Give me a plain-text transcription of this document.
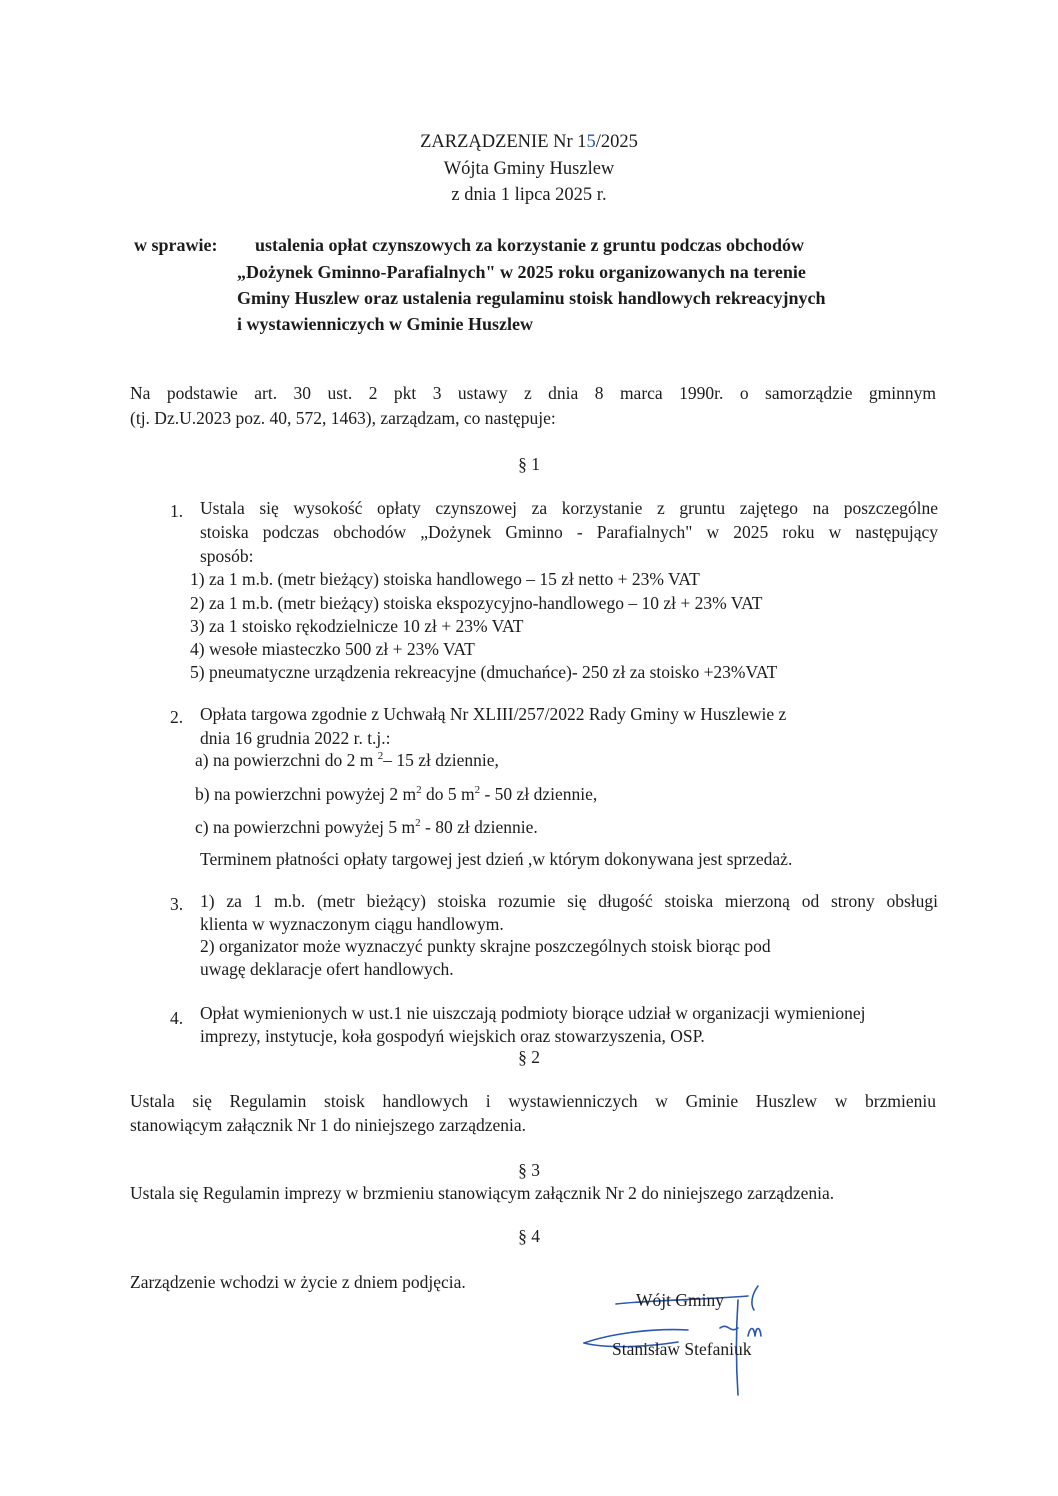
ZARZĄDZENIE Nr 15/2025
Wójta Gminy Huszlew
z dnia 1 lipca 2025 r.
w sprawie: ustalenia opłat czynszowych za korzystanie z gruntu podczas obchodów
„Dożynek Gminno-Parafialnych" w 2025 roku organizowanych na terenie
Gminy Huszlew oraz ustalenia regulaminu stoisk handlowych rekreacyjnych
i wystawienniczych w Gminie Huszlew
Na podstawie art. 30 ust. 2 pkt 3 ustawy z dnia 8 marca 1990r. o samorządzie gminnym
(tj. Dz.U.2023 poz. 40, 572, 1463), zarządzam, co następuje:
§ 1
1. Ustala się wysokość opłaty czynszowej za korzystanie z gruntu zajętego na poszczególne
stoiska podczas obchodów „Dożynek Gminno - Parafialnych" w 2025 roku w następujący
sposób:
1) za 1 m.b. (metr bieżący) stoiska handlowego – 15 zł netto + 23% VAT
2) za 1 m.b. (metr bieżący) stoiska ekspozycyjno-handlowego – 10 zł + 23% VAT
3) za 1 stoisko rękodzielnicze 10 zł + 23% VAT
4) wesołe miasteczko 500 zł + 23% VAT
5) pneumatyczne urządzenia rekreacyjne (dmuchańce)- 250 zł za stoisko +23%VAT
2. Opłata targowa zgodnie z Uchwałą Nr XLIII/257/2022 Rady Gminy w Huszlewie z
dnia 16 grudnia 2022 r. t.j.:
a) na powierzchni do 2 m $^2$– 15 zł dziennie,
b) na powierzchni powyżej 2 $m^2$ do 5 $m^2 - 50$ zł dziennie,
c) na powierzchni powyżej 5 $m^2 - 80$ zł dziennie.
Terminem płatności opłaty targowej jest dzień ,w którym dokonywana jest sprzedaż.
3. 1) za 1 m.b. (metr bieżący) stoiska rozumie się długość stoiska mierzoną od strony obsługi
klienta w wyznaczonym ciągu handlowym.
2) organizator może wyznaczyć punkty skrajne poszczególnych stoisk biorąc pod
uwagę deklaracje ofert handlowych.
4. Opłat wymienionych w ust.1 nie uiszczają podmioty biorące udział w organizacji wymienionej
imprezy, instytucje, koła gospodyń wiejskich oraz stowarzyszenia, OSP.
§ 2
Ustala się Regulamin stoisk handlowych i wystawienniczych w Gminie Huszlew w brzmieniu
stanowiącym załącznik Nr 1 do niniejszego zarządzenia.
§ 3
Ustala się Regulamin imprezy w brzmieniu stanowiącym załącznik Nr 2 do niniejszego zarządzenia.
§ 4
Zarządzenie wchodzi w życie z dniem podjęcia.
Wójt Gminy
Stanisław Stefaniuk
